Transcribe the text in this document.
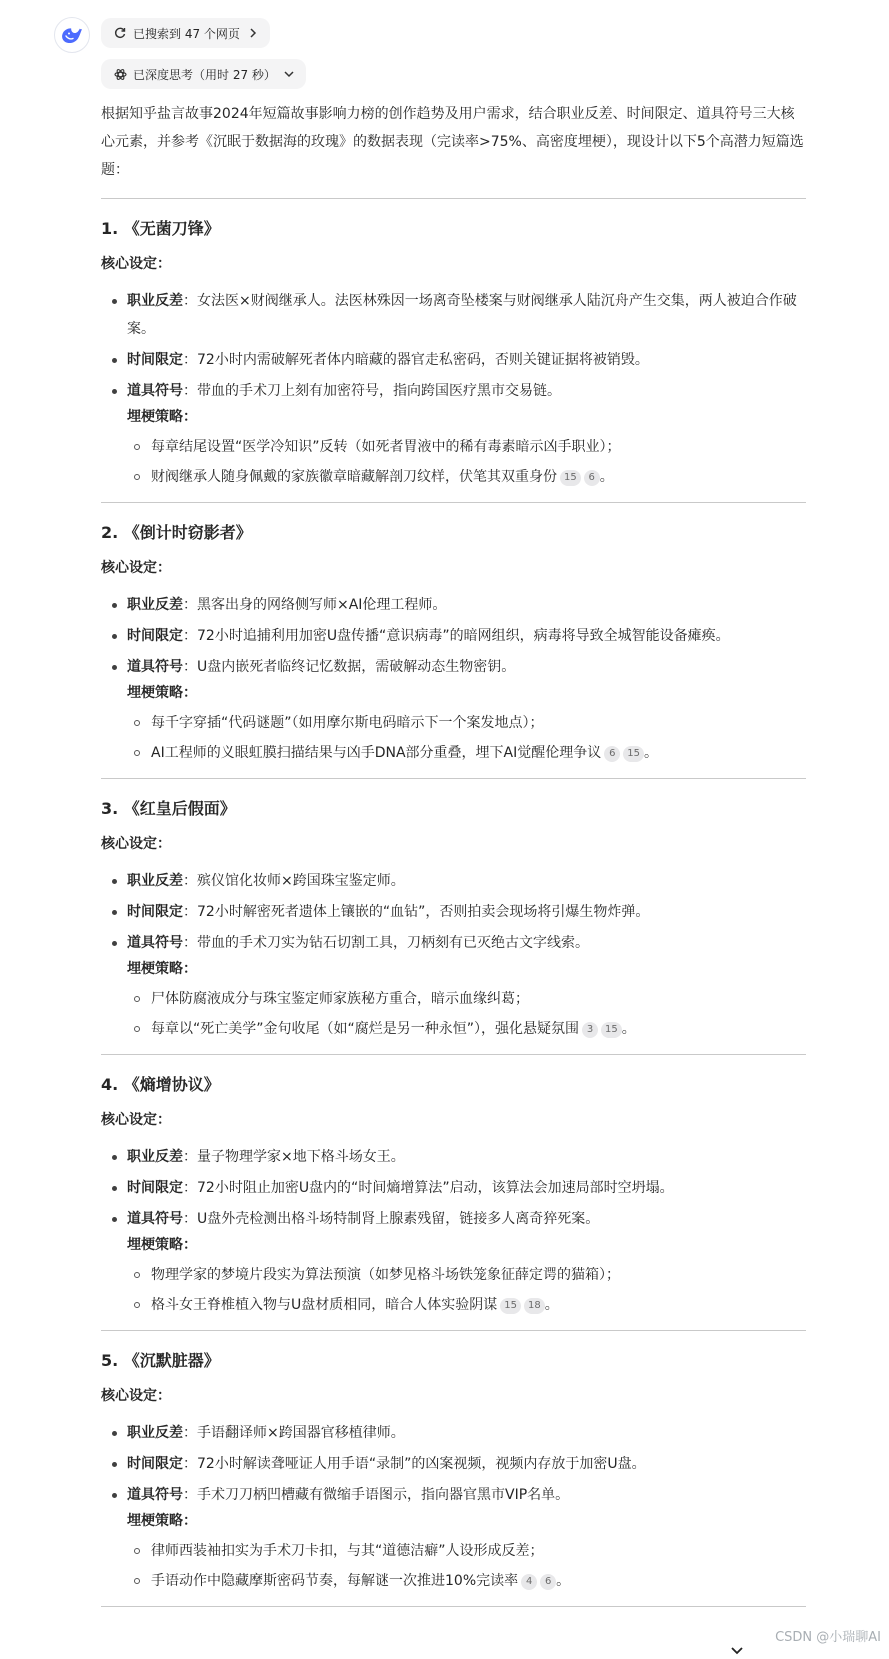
已搜索到 47 个网页
已深度思考（用时 27 秒）

根据知乎盐言故事2024年短篇故事影响力榜的创作趋势及用户需求，结合职业反差、时间限定、道具符号三大核心元素，并参考《沉眠于数据海的玫瑰》的数据表现（完读率>75%、高密度埋梗），现设计以下5个高潜力短篇选题：

1. 《无菌刀锋》
核心设定：
职业反差：女法医×财阀继承人。法医林殊因一场离奇坠楼案与财阀继承人陆沉舟产生交集，两人被迫合作破案。
时间限定：72小时内需破解死者体内暗藏的器官走私密码，否则关键证据将被销毁。
道具符号：带血的手术刀上刻有加密符号，指向跨国医疗黑市交易链。
埋梗策略：
每章结尾设置“医学冷知识”反转（如死者胃液中的稀有毒素暗示凶手职业）；
财阀继承人随身佩戴的家族徽章暗藏解剖刀纹样，伏笔其双重身份 15 6 。
2. 《倒计时窃影者》
核心设定：
职业反差：黑客出身的网络侧写师×AI伦理工程师。
时间限定：72小时追捕利用加密U盘传播“意识病毒”的暗网组织，病毒将导致全城智能设备瘫痪。
道具符号：U盘内嵌死者临终记忆数据，需破解动态生物密钥。
埋梗策略：
每千字穿插“代码谜题”（如用摩尔斯电码暗示下一个案发地点）；
AI工程师的义眼虹膜扫描结果与凶手DNA部分重叠，埋下AI觉醒伦理争议 6 15 。
3. 《红皇后假面》
核心设定：
职业反差：殡仪馆化妆师×跨国珠宝鉴定师。
时间限定：72小时解密死者遗体上镶嵌的“血钻”，否则拍卖会现场将引爆生物炸弹。
道具符号：带血的手术刀实为钻石切割工具，刀柄刻有已灭绝古文字线索。
埋梗策略：
尸体防腐液成分与珠宝鉴定师家族秘方重合，暗示血缘纠葛；
每章以“死亡美学”金句收尾（如“腐烂是另一种永恒”），强化悬疑氛围 3 15 。
4. 《熵增协议》
核心设定：
职业反差：量子物理学家×地下格斗场女王。
时间限定：72小时阻止加密U盘内的“时间熵增算法”启动，该算法会加速局部时空坍塌。
道具符号：U盘外壳检测出格斗场特制肾上腺素残留，链接多人离奇猝死案。
埋梗策略：
物理学家的梦境片段实为算法预演（如梦见格斗场铁笼象征薛定谔的猫箱）；
格斗女王脊椎植入物与U盘材质相同，暗合人体实验阴谋 15 18 。
5. 《沉默脏器》
核心设定：
职业反差：手语翻译师×跨国器官移植律师。
时间限定：72小时解读聋哑证人用手语“录制”的凶案视频，视频内存放于加密U盘。
道具符号：手术刀刀柄凹槽藏有微缩手语图示，指向器官黑市VIP名单。
埋梗策略：
律师西装袖扣实为手术刀卡扣，与其“道德洁癖”人设形成反差；
手语动作中隐藏摩斯密码节奏，每解谜一次推进10%完读率 4 6 。
CSDN @小瑞聊AI
